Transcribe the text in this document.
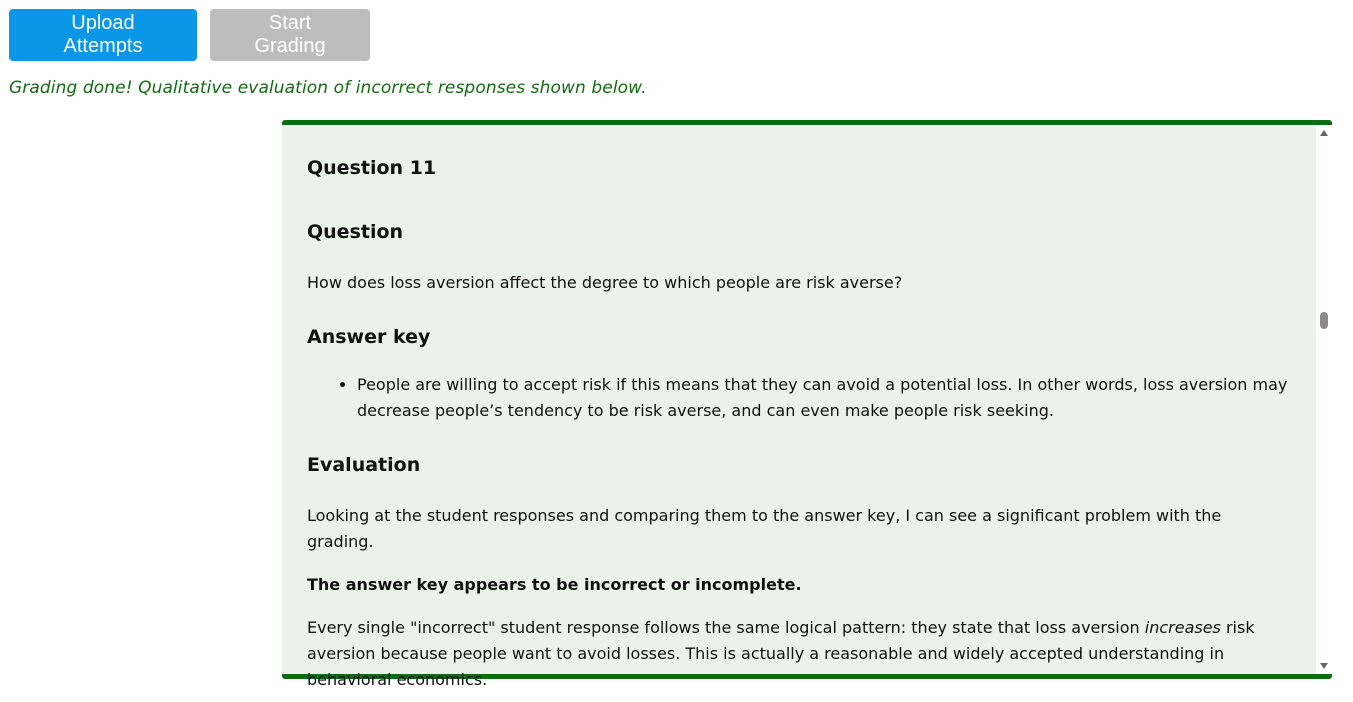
Upload Attempts
Start Grading
Grading done! Qualitative evaluation of incorrect responses shown below.
Question 11
Question

How does loss aversion affect the degree to which people are risk averse?

Answer key
• People are willing to accept risk if this means that they can avoid a potential loss. In other words, loss aversion may decrease people’s tendency to be risk averse, and can even make people risk seeking.
Evaluation

Looking at the student responses and comparing them to the answer key, I can see a significant problem with the grading.

The answer key appears to be incorrect or incomplete.

Every single "incorrect" student response follows the same logical pattern: they state that loss aversion increases risk aversion because people want to avoid losses. This is actually a reasonable and widely accepted understanding in behavioral economics.
